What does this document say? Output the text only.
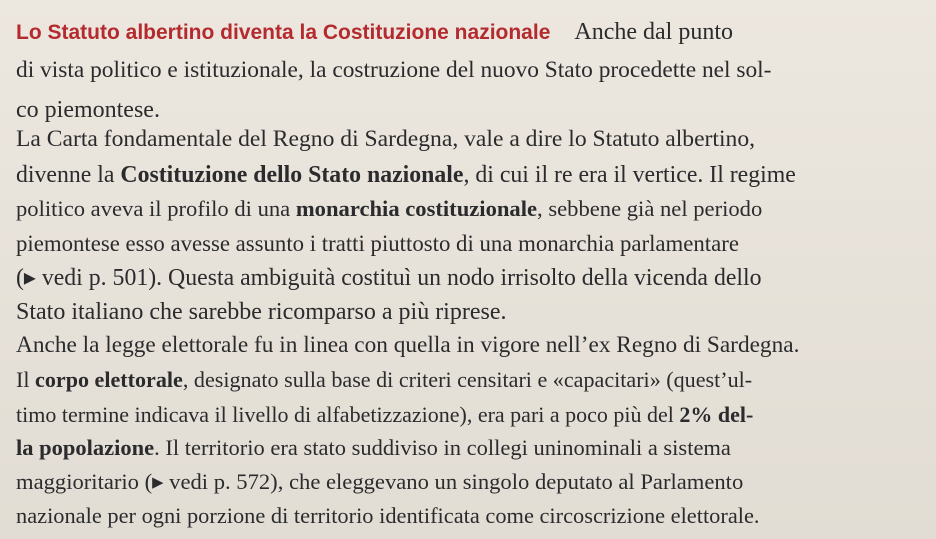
Lo Statuto albertino diventa la Costituzione nazionale Anche dal punto
di vista politico e istituzionale, la costruzione del nuovo Stato procedette nel sol-
co piemontese.
La Carta fondamentale del Regno di Sardegna, vale a dire lo Statuto albertino,
divenne la Costituzione dello Stato nazionale, di cui il re era il vertice. Il regime
politico aveva il profilo di una monarchia costituzionale, sebbene già nel periodo
piemontese esso avesse assunto i tratti piuttosto di una monarchia parlamentare
(▸ vedi p. 501). Questa ambiguità costituì un nodo irrisolto della vicenda dello
Stato italiano che sarebbe ricomparso a più riprese.
Anche la legge elettorale fu in linea con quella in vigore nell’ex Regno di Sardegna.
Il corpo elettorale, designato sulla base di criteri censitari e «capacitari» (quest’ul-
timo termine indicava il livello di alfabetizzazione), era pari a poco più del 2% del-
la popolazione. Il territorio era stato suddiviso in collegi uninominali a sistema
maggioritario (▸ vedi p. 572), che eleggevano un singolo deputato al Parlamento
nazionale per ogni porzione di territorio identificata come circoscrizione elettorale.
